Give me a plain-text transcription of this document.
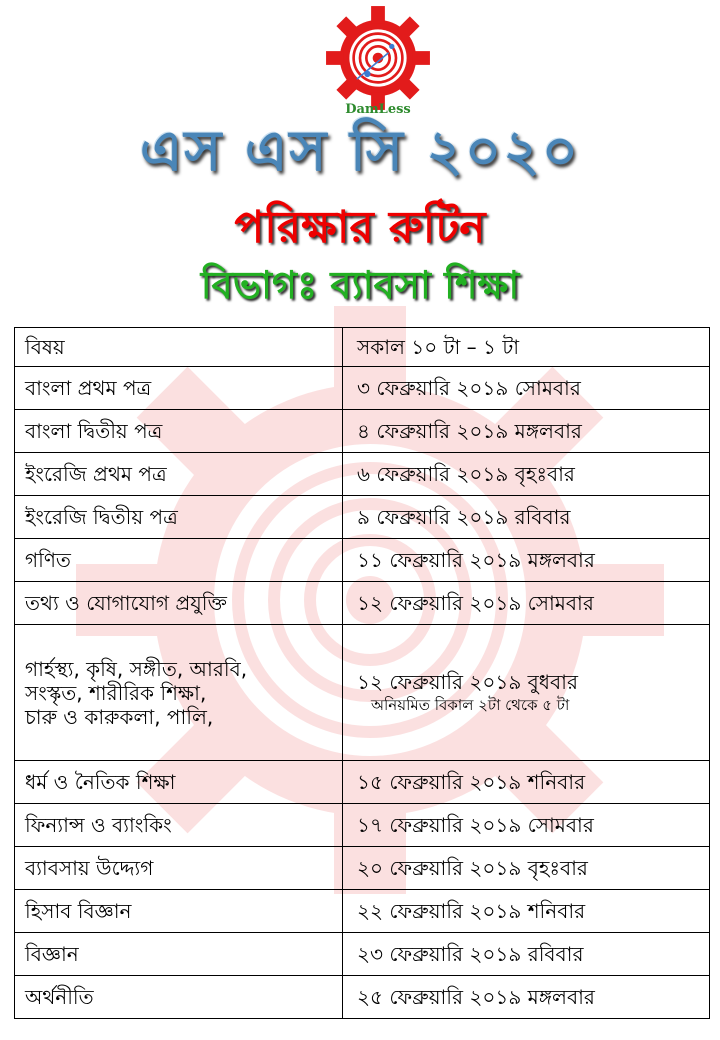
DamLess
এস এস সি ২০২০
পরিক্ষার রুটিন
বিভাগঃ ব্যাবসা শিক্ষা
বিষয়	সকাল ১০ টা – ১ টা
বাংলা প্রথম পত্র	৩ ফেব্রুয়ারি ২০১৯ সোমবার
বাংলা দ্বিতীয় পত্র	৪ ফেব্রুয়ারি ২০১৯ মঙ্গলবার
ইংরেজি প্রথম পত্র	৬ ফেব্রুয়ারি ২০১৯ বৃহঃবার
ইংরেজি দ্বিতীয় পত্র	৯ ফেব্রুয়ারি ২০১৯ রবিবার
গণিত	১১ ফেব্রুয়ারি ২০১৯ মঙ্গলবার
তথ্য ও যোগাযোগ প্রযুক্তি	১২ ফেব্রুয়ারি ২০১৯ সোমবার
গার্হস্থ্য, কৃষি, সঙ্গীত, আরবি,
সংস্কৃত, শারীরিক শিক্ষা,
চারু ও কারুকলা, পালি,	১২ ফেব্রুয়ারি ২০১৯ বুধবার
অনিয়মিত বিকাল ২টা থেকে ৫ টা

ধর্ম ও নৈতিক শিক্ষা	১৫ ফেব্রুয়ারি ২০১৯ শনিবার
ফিন্যান্স ও ব্যাংকিং	১৭ ফেব্রুয়ারি ২০১৯ সোমবার
ব্যাবসায় উদ্দ্যেগ	২০ ফেব্রুয়ারি ২০১৯ বৃহঃবার
হিসাব বিজ্ঞান	২২ ফেব্রুয়ারি ২০১৯ শনিবার
বিজ্ঞান	২৩ ফেব্রুয়ারি ২০১৯ রবিবার
অর্থনীতি	২৫ ফেব্রুয়ারি ২০১৯ মঙ্গলবার
